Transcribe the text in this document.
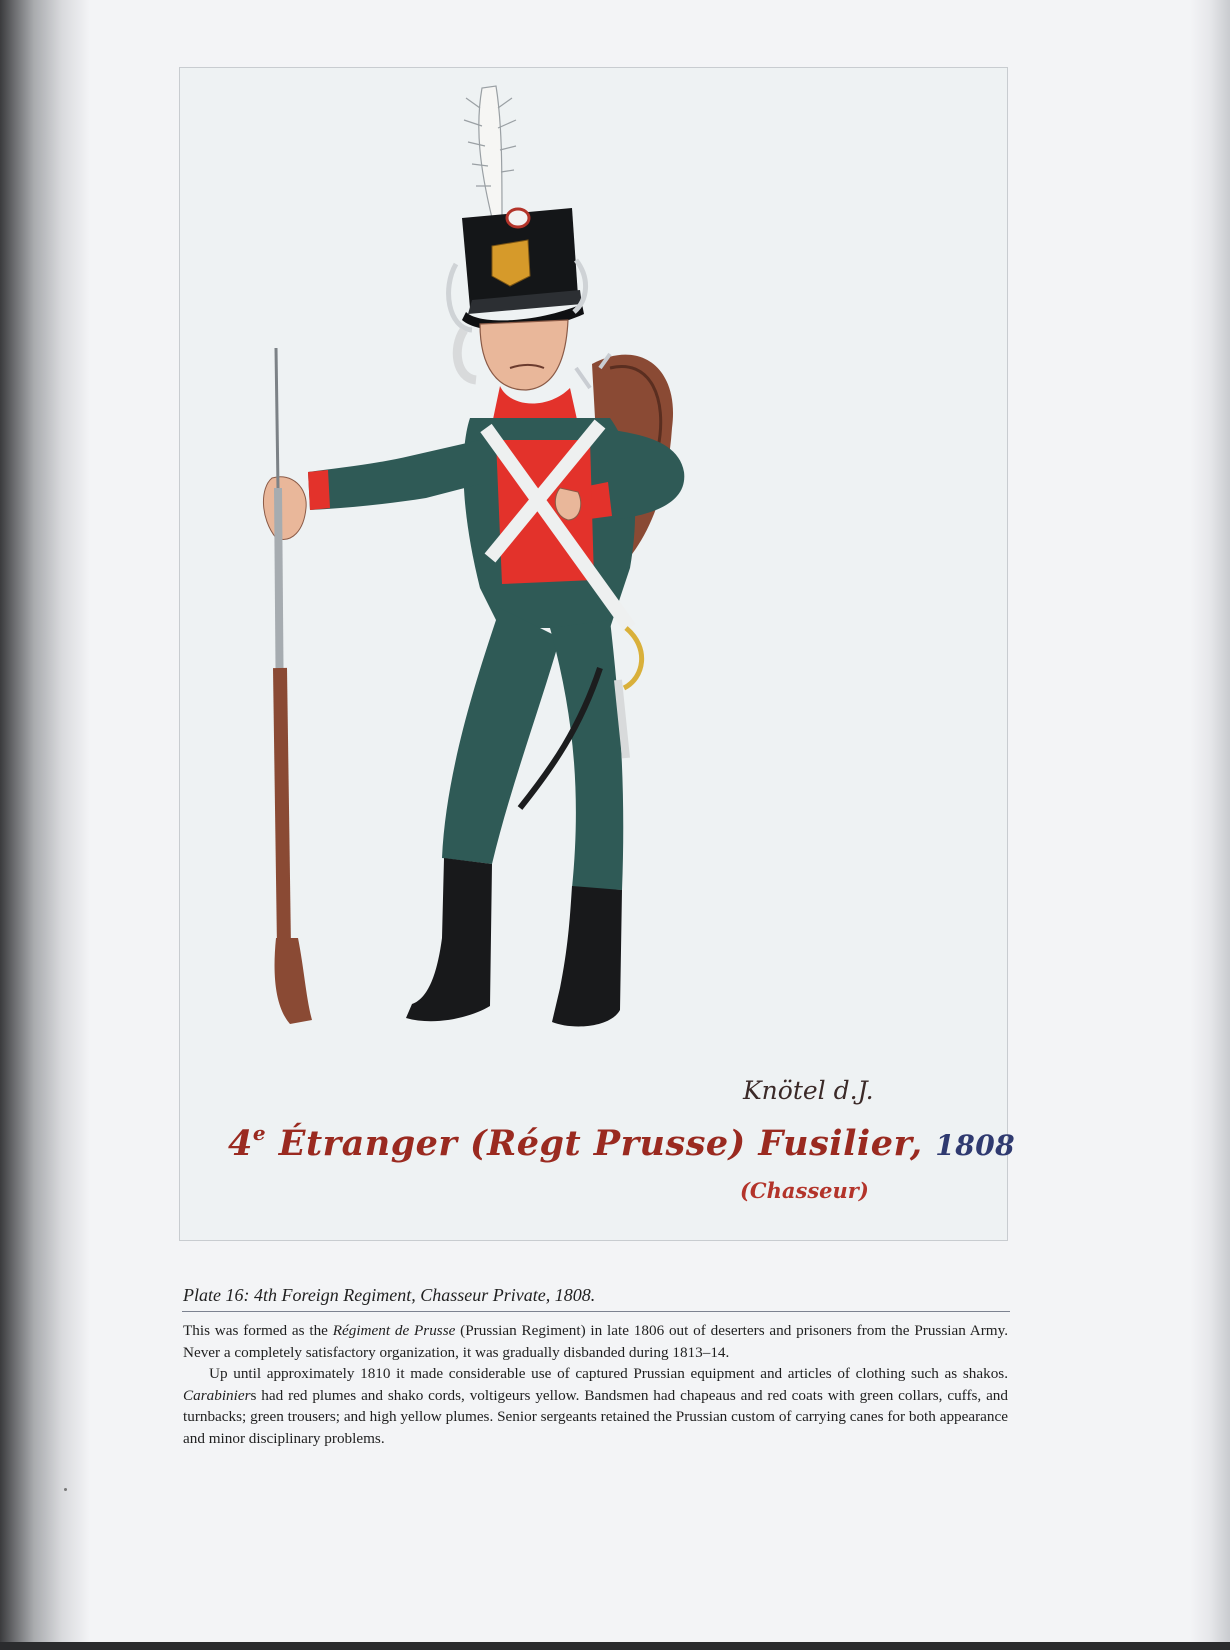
Knötel d.J.
4e Étranger (Régt Prusse) Fusilier, 1808
(Chasseur)
Plate 16: 4th Foreign Regiment, Chasseur Private, 1808.

This was formed as the Régiment de Prusse (Prussian Regiment) in late 1806 out of deserters and prisoners from the Prussian Army. Never a completely satisfactory organization, it was gradually disbanded during 1813–14.

Up until approximately 1810 it made considerable use of captured Prussian equipment and articles of clothing such as shakos. Carabiniers had red plumes and shako cords, voltigeurs yellow. Bandsmen had chapeaus and red coats with green collars, cuffs, and turnbacks; green trousers; and high yellow plumes. Senior sergeants retained the Prussian custom of carrying canes for both appearance and minor disciplinary problems.
